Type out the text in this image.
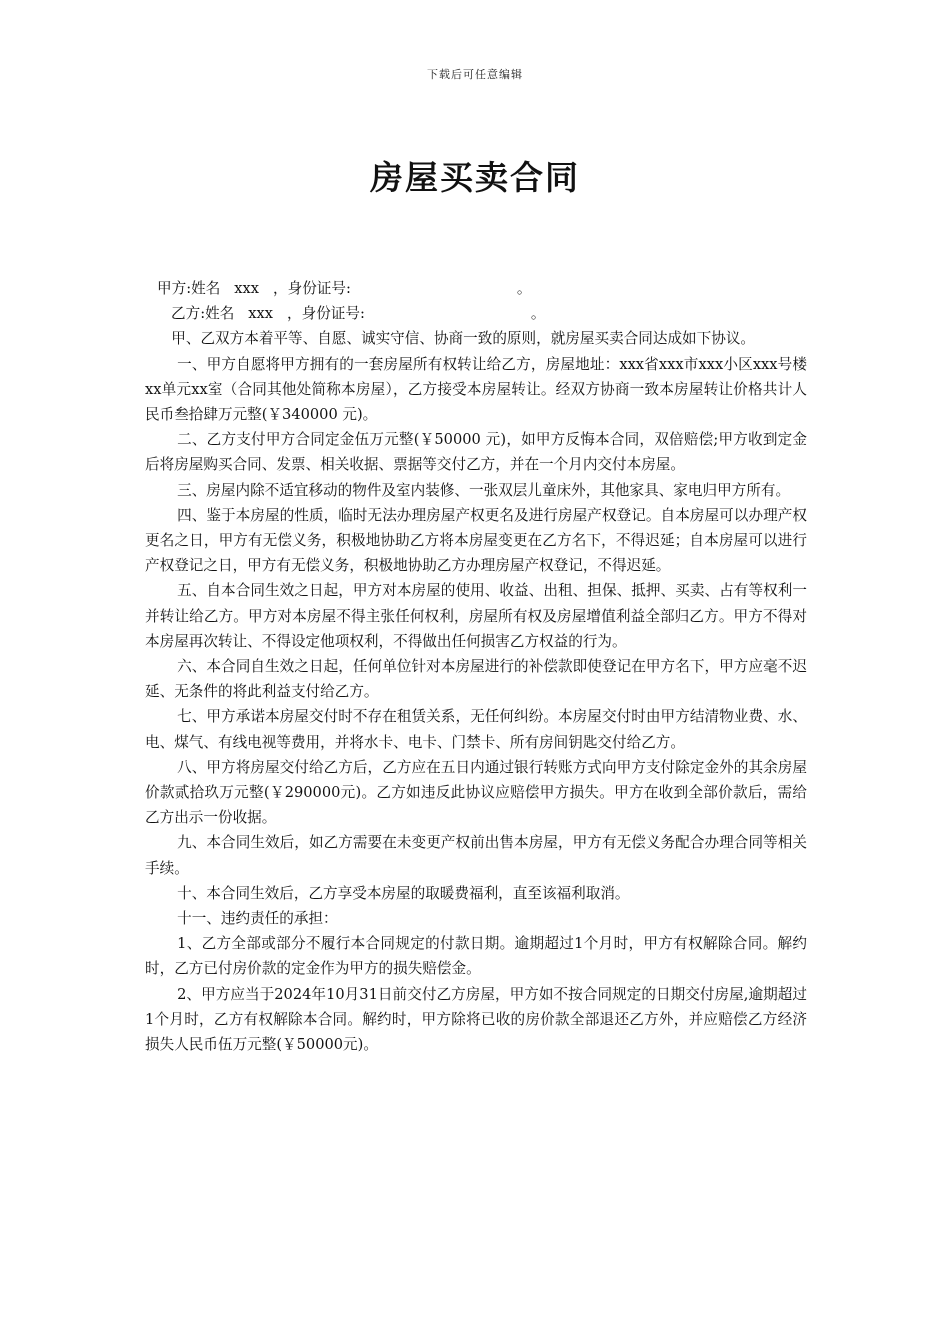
下载后可任意编辑
房屋买卖合同

甲方:姓名 xxx ，身份证号:	。

乙方:姓名 xxx ，身份证号:	。

甲、乙双方本着平等、自愿、诚实守信、协商一致的原则，就房屋买卖合同达成如下协议。

一、甲方自愿将甲方拥有的一套房屋所有权转让给乙方，房屋地址：xxx省xxx市xxx小区xxx号楼xx单元xx室（合同其他处简称本房屋），乙方接受本房屋转让。经双方协商一致本房屋转让价格共计人民币叁拾肆万元整(￥340000 元)。

二、乙方支付甲方合同定金伍万元整(￥50000 元)，如甲方反悔本合同，双倍赔偿;甲方收到定金后将房屋购买合同、发票、相关收据、票据等交付乙方，并在一个月内交付本房屋。

三、房屋内除不适宜移动的物件及室内装修、一张双层儿童床外，其他家具、家电归甲方所有。

四、鉴于本房屋的性质，临时无法办理房屋产权更名及进行房屋产权登记。自本房屋可以办理产权更名之日，甲方有无偿义务，积极地协助乙方将本房屋变更在乙方名下，不得迟延；自本房屋可以进行产权登记之日，甲方有无偿义务，积极地协助乙方办理房屋产权登记，不得迟延。

五、自本合同生效之日起，甲方对本房屋的使用、收益、出租、担保、抵押、买卖、占有等权利一并转让给乙方。甲方对本房屋不得主张任何权利，房屋所有权及房屋增值利益全部归乙方。甲方不得对本房屋再次转让、不得设定他项权利，不得做出任何损害乙方权益的行为。

六、本合同自生效之日起，任何单位针对本房屋进行的补偿款即使登记在甲方名下，甲方应毫不迟延、无条件的将此利益支付给乙方。

七、甲方承诺本房屋交付时不存在租赁关系，无任何纠纷。本房屋交付时由甲方结清物业费、水、电、煤气、有线电视等费用，并将水卡、电卡、门禁卡、所有房间钥匙交付给乙方。

八、甲方将房屋交付给乙方后，乙方应在五日内通过银行转账方式向甲方支付除定金外的其余房屋价款贰拾玖万元整(￥290000元)。乙方如违反此协议应赔偿甲方损失。甲方在收到全部价款后，需给乙方出示一份收据。

九、本合同生效后，如乙方需要在未变更产权前出售本房屋，甲方有无偿义务配合办理合同等相关手续。

十、本合同生效后，乙方享受本房屋的取暖费福利，直至该福利取消。

十一、违约责任的承担：

1、乙方全部或部分不履行本合同规定的付款日期。逾期超过1个月时，甲方有权解除合同。解约时，乙方已付房价款的定金作为甲方的损失赔偿金。

2、甲方应当于2024年10月31日前交付乙方房屋，甲方如不按合同规定的日期交付房屋,逾期超过1个月时，乙方有权解除本合同。解约时，甲方除将已收的房价款全部退还乙方外，并应赔偿乙方经济损失人民币伍万元整(￥50000元)。
